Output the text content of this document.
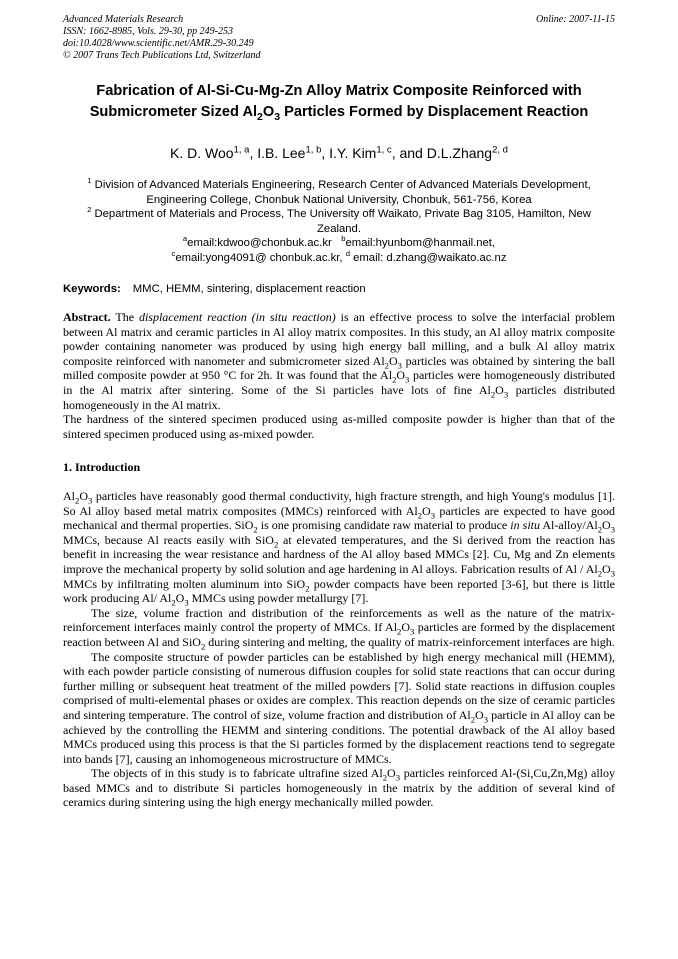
Advanced Materials Research
ISSN: 1662-8985, Vols. 29-30, pp 249-253
doi:10.4028/www.scientific.net/AMR.29-30.249
© 2007 Trans Tech Publications Ltd, Switzerland
Online: 2007-11-15
Fabrication of Al-Si-Cu-Mg-Zn Alloy Matrix Composite Reinforced with
Submicrometer Sized $Al_2O_3$ Particles Formed by Displacement Reaction
K. D. Woo$^{1, a}$, I.B. Lee$^{1, b}$, I.Y. Kim$^{1, c}$, and D.L.Zhang$^{2, d}$
$^1$ Division of Advanced Materials Engineering, Research Center of Advanced Materials Development, Engineering College, Chonbuk National University, Chonbuk, 561-756, Korea
$^2$ Department of Materials and Process, The University off Waikato, Private Bag 3105, Hamilton, New Zealand.
$^a$email:kdwoo@chonbuk.ac.kr $^b$email:hyunbom@hanmail.net,
$^c$email:yong4091@ chonbuk.ac.kr, $^d$ email: d.zhang@waikato.ac.nz
Keywords: MMC, HEMM, sintering, displacement reaction

Abstract. The displacement reaction (in situ reaction) is an effective process to solve the interfacial problem between Al matrix and ceramic particles in Al alloy matrix composites. In this study, an Al alloy matrix composite powder containing nanometer was produced by using high energy ball milling, and a bulk Al alloy matrix composite reinforced with nanometer and submicrometer sized $Al_2O_3$ particles was obtained by sintering the ball milled composite powder at 950 °C for 2h. It was found that the $Al_2O_3$ particles were homogeneously distributed in the Al matrix after sintering. Some of the Si particles have lots of fine $Al_2O_3$ particles distributed homogeneously in the Al matrix.

The hardness of the sintered specimen produced using as-milled composite powder is higher than that of the sintered specimen produced using as-mixed powder.

1. Introduction

$Al_2O_3$ particles have reasonably good thermal conductivity, high fracture strength, and high Young's modulus [1]. So Al alloy based metal matrix composites (MMCs) reinforced with $Al_2O_3$ particles are expected to have good mechanical and thermal properties. SiO$_2$ is one promising candidate raw material to produce in situ $Al-alloy/Al_2O_3$ MMCs, because Al reacts easily with SiO$_2$ at elevated temperatures, and the Si derived from the reaction has benefit in increasing the wear resistance and hardness of the Al alloy based MMCs [2]. Cu, Mg and Zn elements improve the mechanical property by solid solution and age hardening in Al alloys. Fabrication results of Al / $Al_2O_3$ MMCs by infiltrating molten aluminum into SiO$_2$ powder compacts have been reported [3-6], but there is little work producing Al/ $Al_2O_3$ MMCs using powder metallurgy [7].

The size, volume fraction and distribution of the reinforcements as well as the nature of the matrix-reinforcement interfaces mainly control the property of MMCs. If $Al_2O_3$ particles are formed by the displacement reaction between Al and SiO$_2$ during sintering and melting, the quality of matrix-reinforcement interfaces are high.

The composite structure of powder particles can be established by high energy mechanical mill (HEMM), with each powder particle consisting of numerous diffusion couples for solid state reactions that can occur during further milling or subsequent heat treatment of the milled powders [7]. Solid state reactions in diffusion couples comprised of multi-elemental phases or oxides are complex. This reaction depends on the size of ceramic particles and sintering temperature. The control of size, volume fraction and distribution of $Al_2O_3$ particle in Al alloy can be achieved by the controlling the HEMM and sintering conditions. The potential drawback of the Al alloy based MMCs produced using this process is that the Si particles formed by the displacement reactions tend to segregate into bands [7], causing an inhomogeneous microstructure of MMCs.

The objects of in this study is to fabricate ultrafine sized $Al_2O_3$ particles reinforced Al-(Si,Cu,Zn,Mg) alloy based MMCs and to distribute Si particles homogeneously in the matrix by the addition of several kind of ceramics during sintering using the high energy mechanically milled powder.
